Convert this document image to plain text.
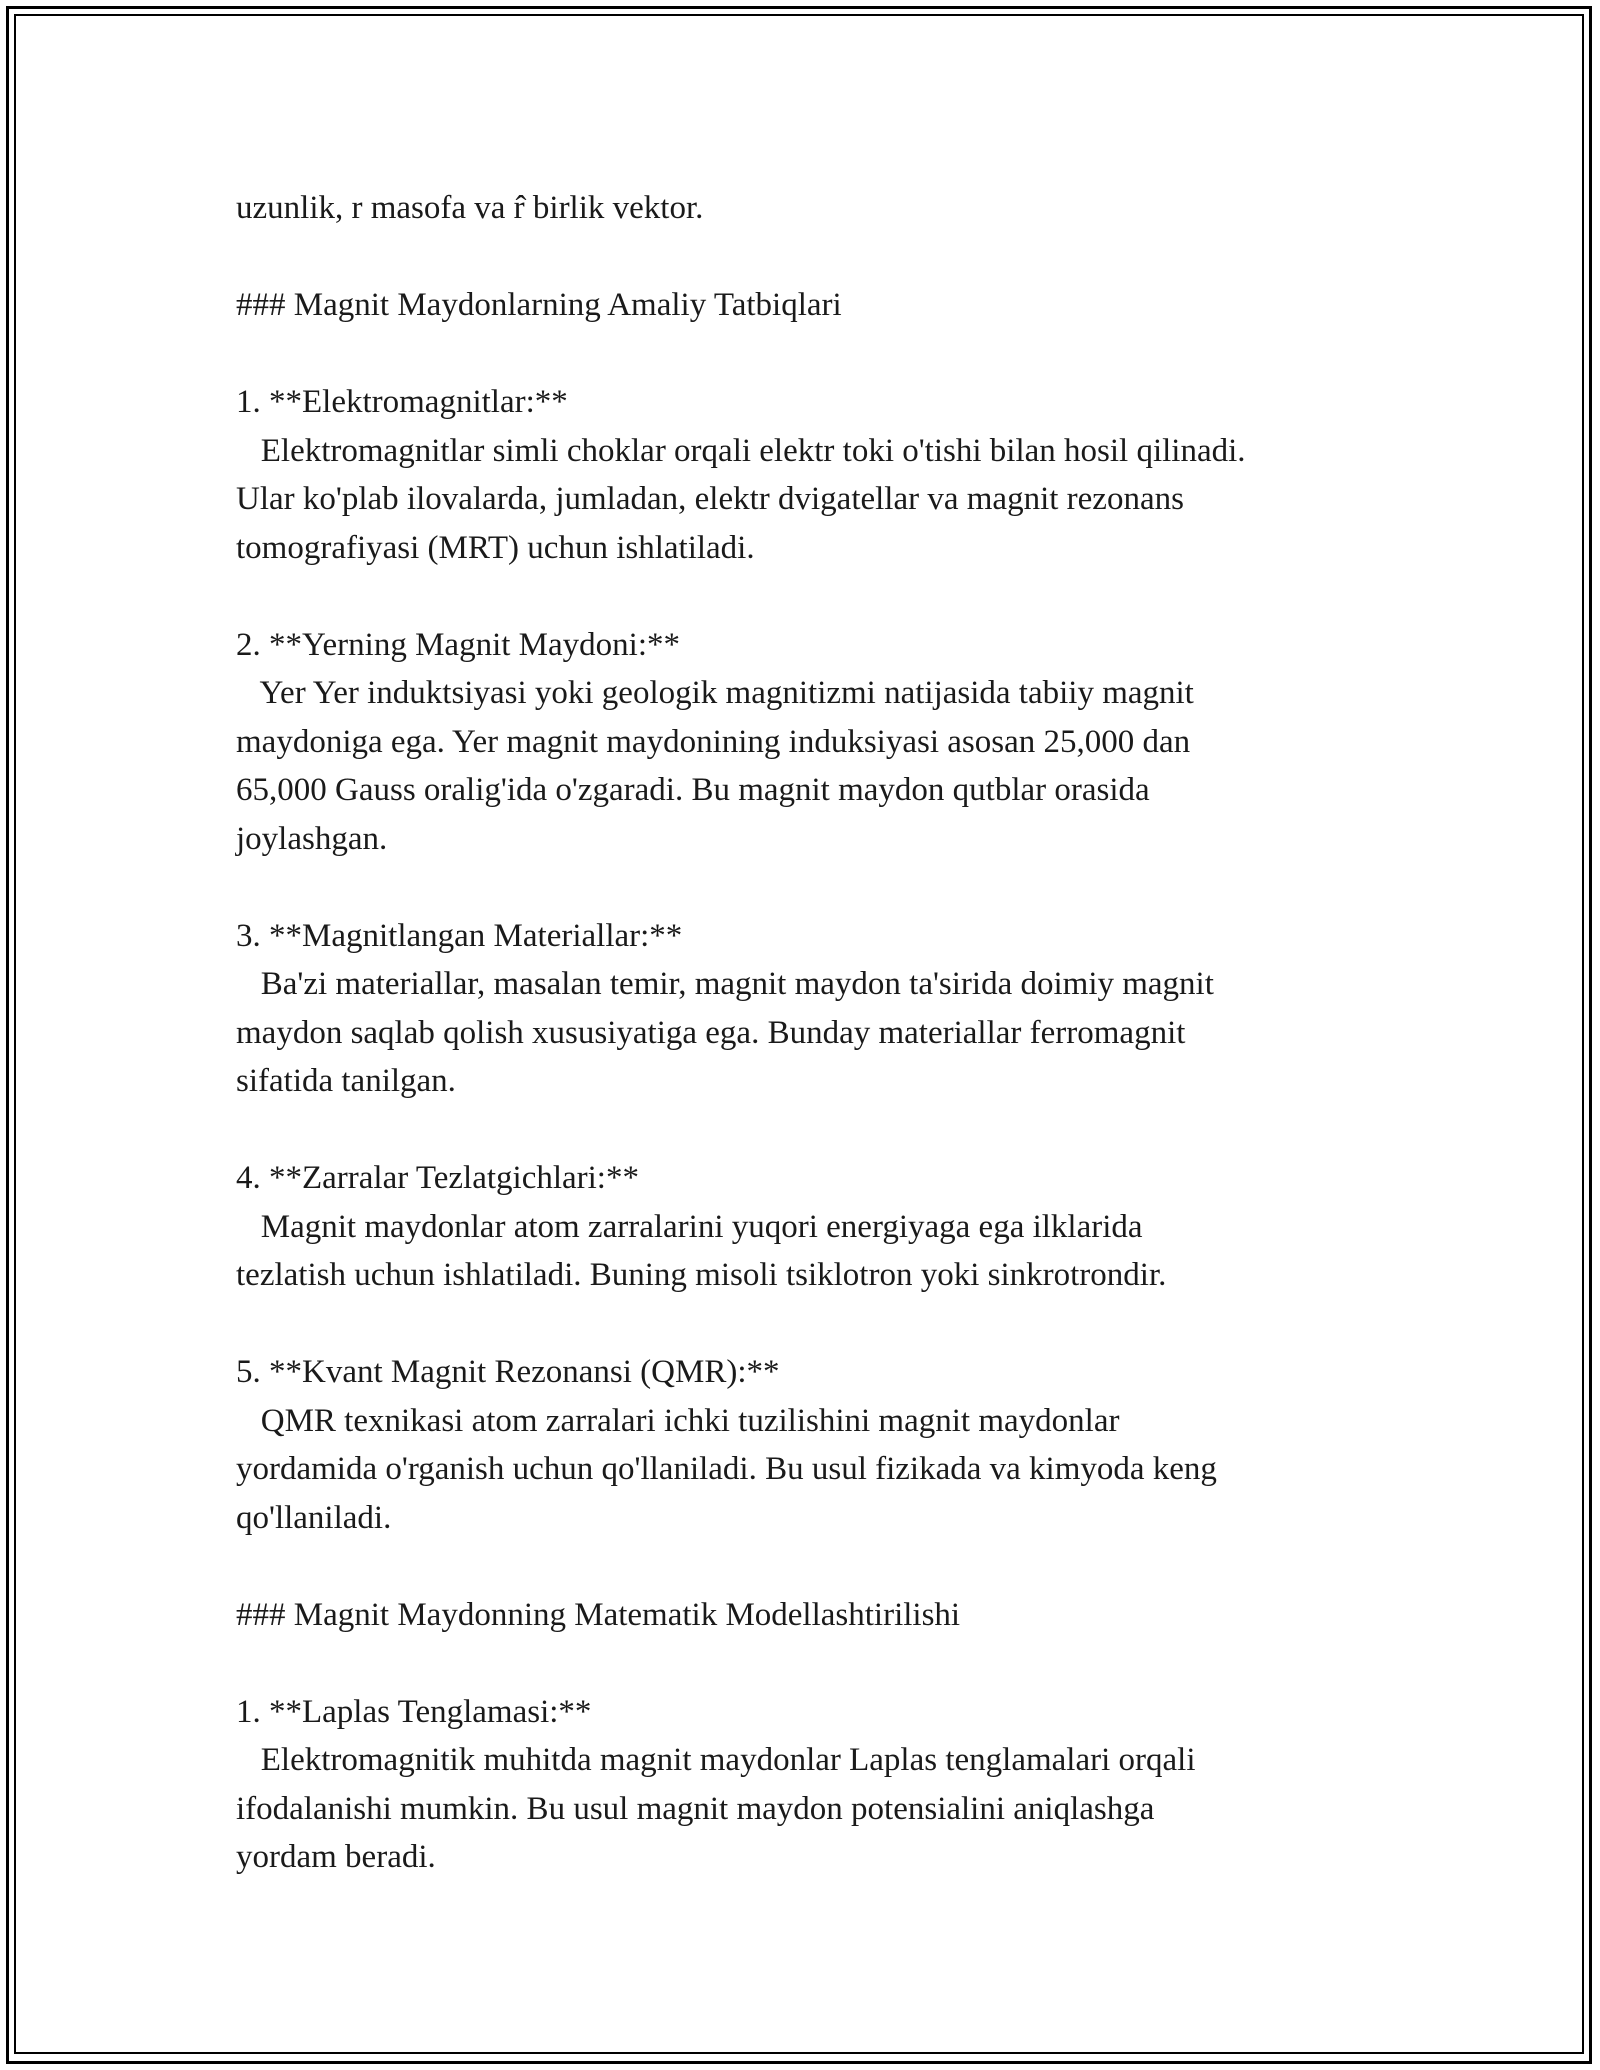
uzunlik, r masofa va r̂ birlik vektor.
### Magnit Maydonlarning Amaliy Tatbiqlari
1. **Elektromagnitlar:**
Elektromagnitlar simli choklar orqali elektr toki o'tishi bilan hosil qilinadi.
Ular ko'plab ilovalarda, jumladan, elektr dvigatellar va magnit rezonans
tomografiyasi (MRT) uchun ishlatiladi.
2. **Yerning Magnit Maydoni:**
Yer Yer induktsiyasi yoki geologik magnitizmi natijasida tabiiy magnit
maydoniga ega. Yer magnit maydonining induksiyasi asosan 25,000 dan
65,000 Gauss oralig'ida o'zgaradi. Bu magnit maydon qutblar orasida
joylashgan.
3. **Magnitlangan Materiallar:**
Ba'zi materiallar, masalan temir, magnit maydon ta'sirida doimiy magnit
maydon saqlab qolish xususiyatiga ega. Bunday materiallar ferromagnit
sifatida tanilgan.
4. **Zarralar Tezlatgichlari:**
Magnit maydonlar atom zarralarini yuqori energiyaga ega ilklarida
tezlatish uchun ishlatiladi. Buning misoli tsiklotron yoki sinkrotrondir.
5. **Kvant Magnit Rezonansi (QMR):**
QMR texnikasi atom zarralari ichki tuzilishini magnit maydonlar
yordamida o'rganish uchun qo'llaniladi. Bu usul fizikada va kimyoda keng
qo'llaniladi.
### Magnit Maydonning Matematik Modellashtirilishi
1. **Laplas Tenglamasi:**
Elektromagnitik muhitda magnit maydonlar Laplas tenglamalari orqali
ifodalanishi mumkin. Bu usul magnit maydon potensialini aniqlashga
yordam beradi.
